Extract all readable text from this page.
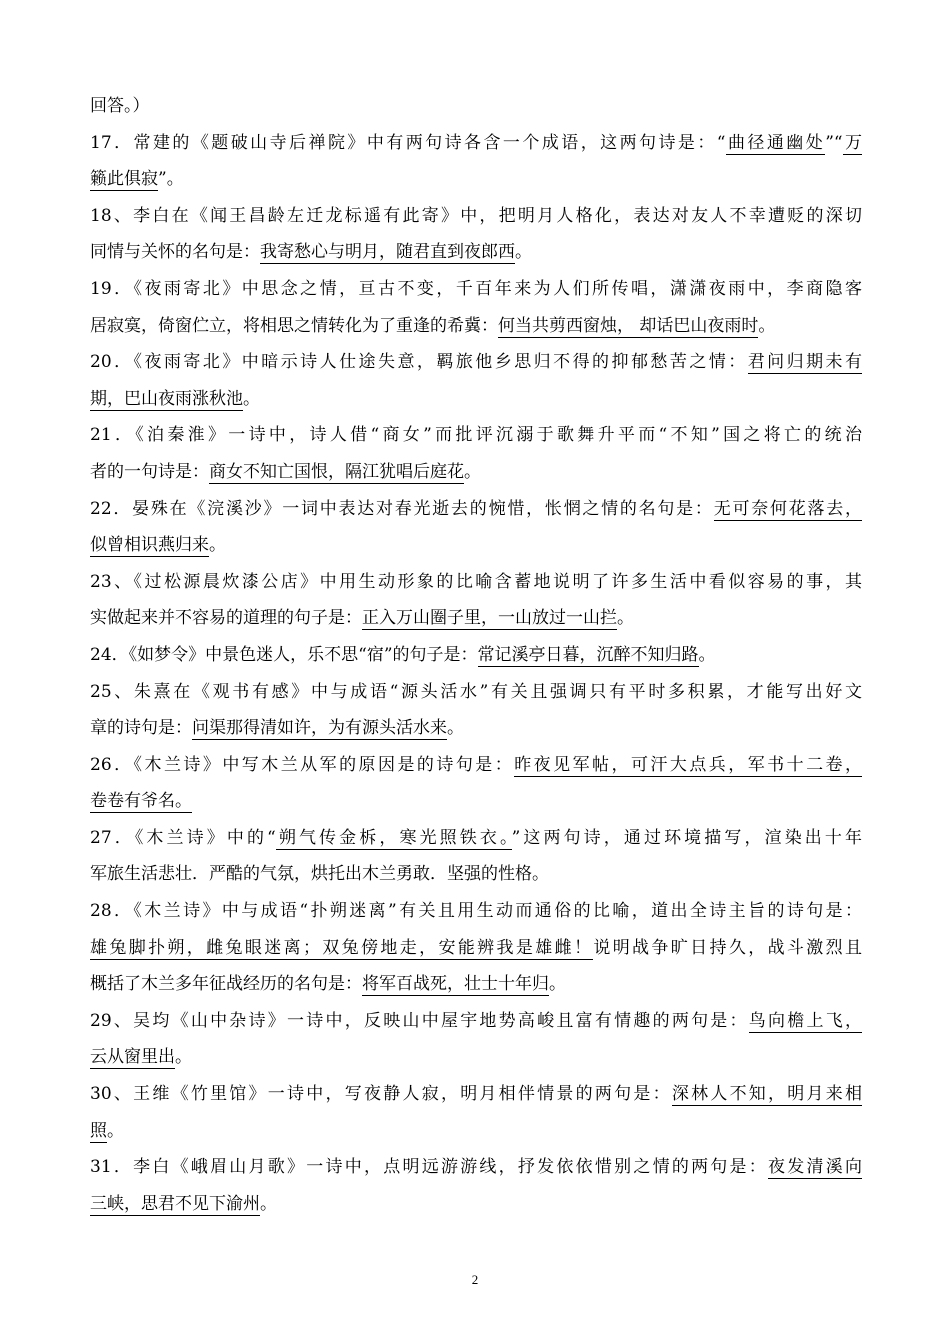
回答。）
17．常建的《题破山寺后禅院》中有两句诗各含一个成语，这两句诗是：“曲径通幽处”“万
籁此俱寂”。
18、李白在《闻王昌龄左迁龙标遥有此寄》中，把明月人格化，表达对友人不幸遭贬的深切
同情与关怀的名句是：我寄愁心与明月，随君直到夜郎西。
19．《夜雨寄北》中思念之情，亘古不变，千百年来为人们所传唱，潇潇夜雨中，李商隐客
居寂寞，倚窗伫立，将相思之情转化为了重逢的希冀：何当共剪西窗烛， 却话巴山夜雨时。
20．《夜雨寄北》中暗示诗人仕途失意，羁旅他乡思归不得的抑郁愁苦之情：君问归期未有
期，巴山夜雨涨秋池。
21．《泊秦淮》一诗中，诗人借“商女”而批评沉溺于歌舞升平而“不知”国之将亡的统治
者的一句诗是：商女不知亡国恨，隔江犹唱后庭花。
22．晏殊在《浣溪沙》一词中表达对春光逝去的惋惜，怅惘之情的名句是：无可奈何花落去，
似曾相识燕归来。
23、《过松源晨炊漆公店》中用生动形象的比喻含蓄地说明了许多生活中看似容易的事，其
实做起来并不容易的道理的句子是：正入万山圈子里，一山放过一山拦。
24．《如梦令》中景色迷人，乐不思“宿”的句子是：常记溪亭日暮，沉醉不知归路。
25、朱熹在《观书有感》中与成语“源头活水”有关且强调只有平时多积累，才能写出好文
章的诗句是：问渠那得清如许，为有源头活水来。
26．《木兰诗》中写木兰从军的原因是的诗句是：昨夜见军帖，可汗大点兵，军书十二卷，
卷卷有爷名。
27．《木兰诗》中的“朔气传金柝，寒光照铁衣。”这两句诗，通过环境描写，渲染出十年
军旅生活悲壮．严酷的气氛，烘托出木兰勇敢．坚强的性格。
28．《木兰诗》中与成语“扑朔迷离”有关且用生动而通俗的比喻，道出全诗主旨的诗句是：
雄兔脚扑朔，雌兔眼迷离；双兔傍地走，安能辨我是雄雌！说明战争旷日持久，战斗激烈且
概括了木兰多年征战经历的名句是：将军百战死，壮士十年归。
29、吴均《山中杂诗》一诗中，反映山中屋宇地势高峻且富有情趣的两句是：鸟向檐上飞，
云从窗里出。
30、王维《竹里馆》一诗中，写夜静人寂，明月相伴情景的两句是：深林人不知，明月来相
照。
31．李白《峨眉山月歌》一诗中，点明远游游线，抒发依依惜别之情的两句是：夜发清溪向
三峡，思君不见下渝州。
2
